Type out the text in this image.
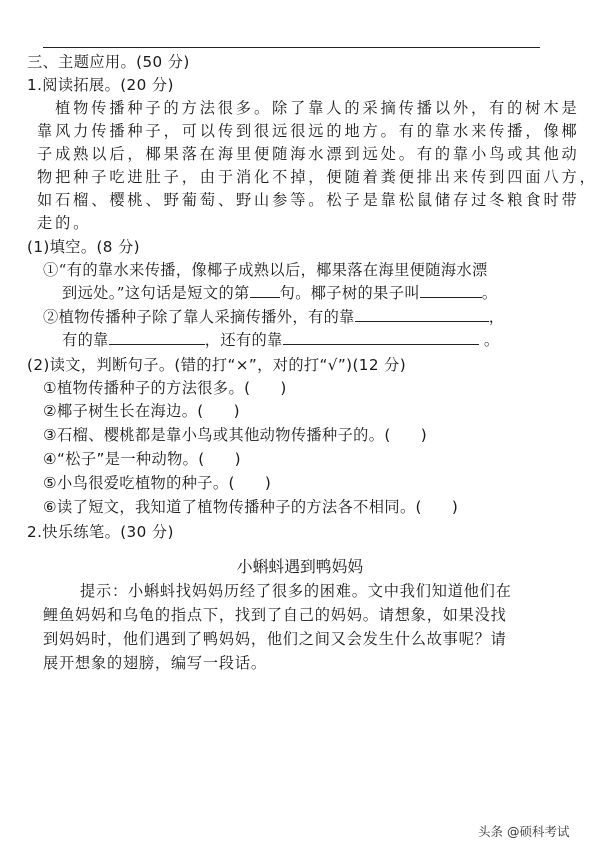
三、主题应用。(50 分)
1.阅读拓展。(20 分)
植物传播种子的方法很多。除了靠人的采摘传播以外，有的树木是
靠风力传播种子，可以传到很远很远的地方。有的靠水来传播，像椰
子成熟以后，椰果落在海里便随海水漂到远处。有的靠小鸟或其他动
物把种子吃进肚子，由于消化不掉，便随着粪便排出来传到四面八方，
如石榴、樱桃、野葡萄、野山参等。松子是靠松鼠储存过冬粮食时带
走的。
(1)填空。(8 分)
①“有的靠水来传播，像椰子成熟以后，椰果落在海里便随海水漂
到远处。”这句话是短文的第 句。椰子树的果子叫	。
②植物传播种子除了靠人采摘传播外，有的靠	，
有的靠	，还有的靠	。
(2)读文，判断句子。(错的打“×”，对的打“√”)(12 分)
①植物传播种子的方法很多。( )
②椰子树生长在海边。( )
③石榴、樱桃都是靠小鸟或其他动物传播种子的。( )
④“松子”是一种动物。( )
⑤小鸟很爱吃植物的种子。( )
⑥读了短文，我知道了植物传播种子的方法各不相同。( )
2.快乐练笔。(30 分)
小蝌蚪遇到鸭妈妈
提示：小蝌蚪找妈妈历经了很多的困难。文中我们知道他们在
鲤鱼妈妈和乌龟的指点下，找到了自己的妈妈。请想象，如果没找
到妈妈时，他们遇到了鸭妈妈，他们之间又会发生什么故事呢？请
展开想象的翅膀，编写一段话。
头条 @硕科考试
